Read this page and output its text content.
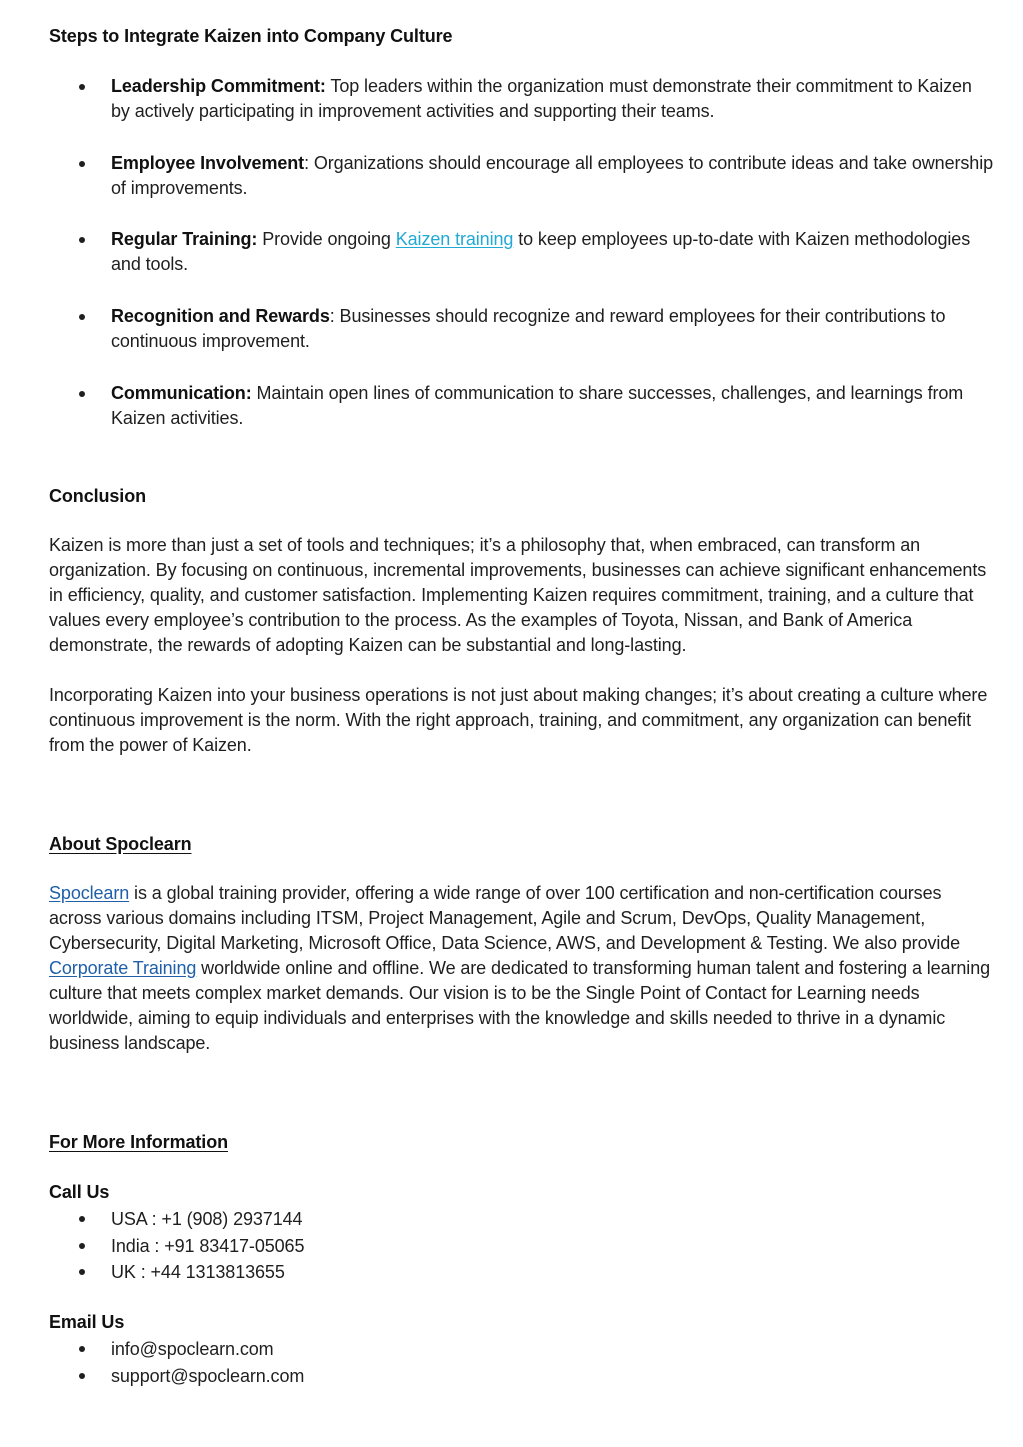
Steps to Integrate Kaizen into Company Culture
Leadership Commitment: Top leaders within the organization must demonstrate their commitment to Kaizen by actively participating in improvement activities and supporting their teams.
Employee Involvement: Organizations should encourage all employees to contribute ideas and take ownership of improvements.
Regular Training: Provide ongoing Kaizen training to keep employees up-to-date with Kaizen methodologies and tools.
Recognition and Rewards: Businesses should recognize and reward employees for their contributions to continuous improvement.
Communication: Maintain open lines of communication to share successes, challenges, and learnings from Kaizen activities.
Conclusion

Kaizen is more than just a set of tools and techniques; it’s a philosophy that, when embraced, can transform an organization. By focusing on continuous, incremental improvements, businesses can achieve significant enhancements in efficiency, quality, and customer satisfaction. Implementing Kaizen requires commitment, training, and a culture that values every employee’s contribution to the process. As the examples of Toyota, Nissan, and Bank of America demonstrate, the rewards of adopting Kaizen can be substantial and long-lasting.

Incorporating Kaizen into your business operations is not just about making changes; it’s about creating a culture where continuous improvement is the norm. With the right approach, training, and commitment, any organization can benefit from the power of Kaizen.

About Spoclearn

Spoclearn is a global training provider, offering a wide range of over 100 certification and non-certification courses across various domains including ITSM, Project Management, Agile and Scrum, DevOps, Quality Management, Cybersecurity, Digital Marketing, Microsoft Office, Data Science, AWS, and Development & Testing. We also provide Corporate Training worldwide online and offline. We are dedicated to transforming human talent and fostering a learning culture that meets complex market demands. Our vision is to be the Single Point of Contact for Learning needs worldwide, aiming to equip individuals and enterprises with the knowledge and skills needed to thrive in a dynamic business landscape.

For More Information
Call Us
USA : +1 (908) 2937144
India : +91 83417-05065
UK : +44 1313813655
Email Us
info@spoclearn.com
support@spoclearn.com
